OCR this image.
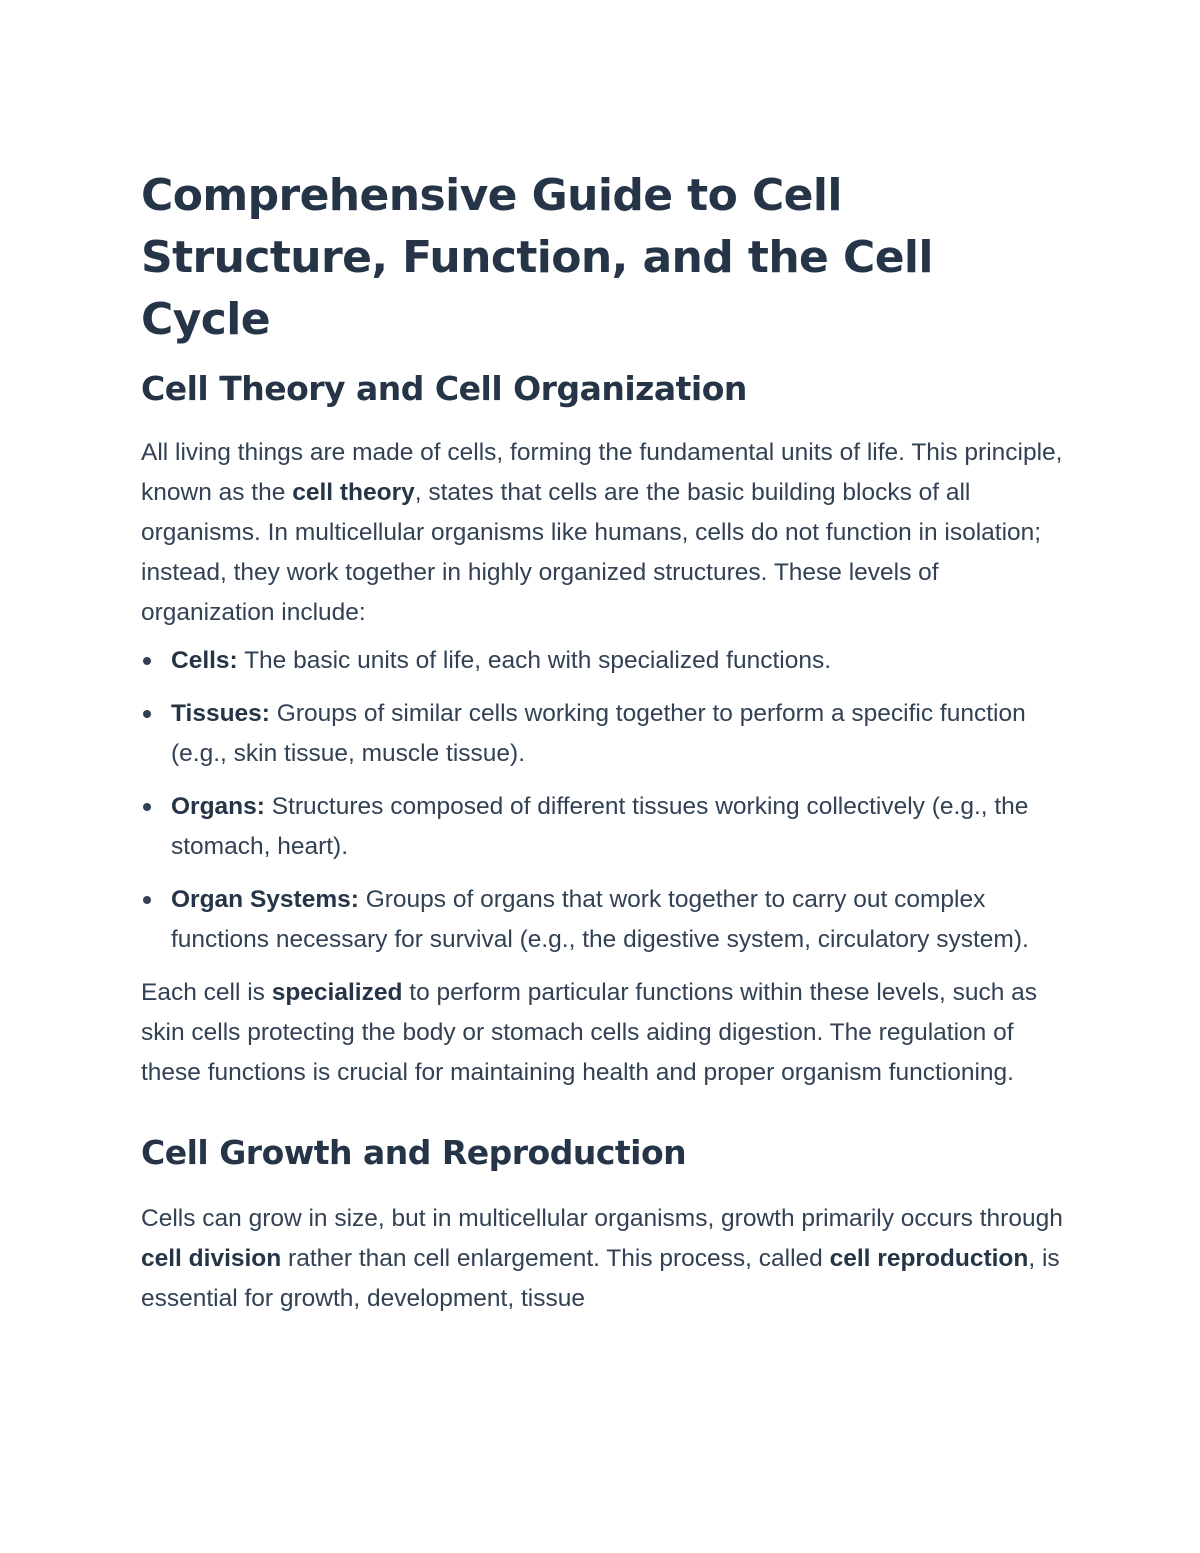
Comprehensive Guide to Cell Structure, Function, and the Cell Cycle
Cell Theory and Cell Organization

All living things are made of cells, forming the fundamental units of life. This principle, known as the cell theory, states that cells are the basic building blocks of all organisms. In multicellular organisms like humans, cells do not function in isolation; instead, they work together in highly organized structures. These levels of organization include:

Cells: The basic units of life, each with specialized functions.
Tissues: Groups of similar cells working together to perform a specific function (e.g., skin tissue, muscle tissue).
Organs: Structures composed of different tissues working collectively (e.g., the stomach, heart).
Organ Systems: Groups of organs that work together to carry out complex functions necessary for survival (e.g., the digestive system, circulatory system).

Each cell is specialized to perform particular functions within these levels, such as skin cells protecting the body or stomach cells aiding digestion. The regulation of these functions is crucial for maintaining health and proper organism functioning.

Cell Growth and Reproduction

Cells can grow in size, but in multicellular organisms, growth primarily occurs through cell division rather than cell enlargement. This process, called cell reproduction, is essential for growth, development, tissue
